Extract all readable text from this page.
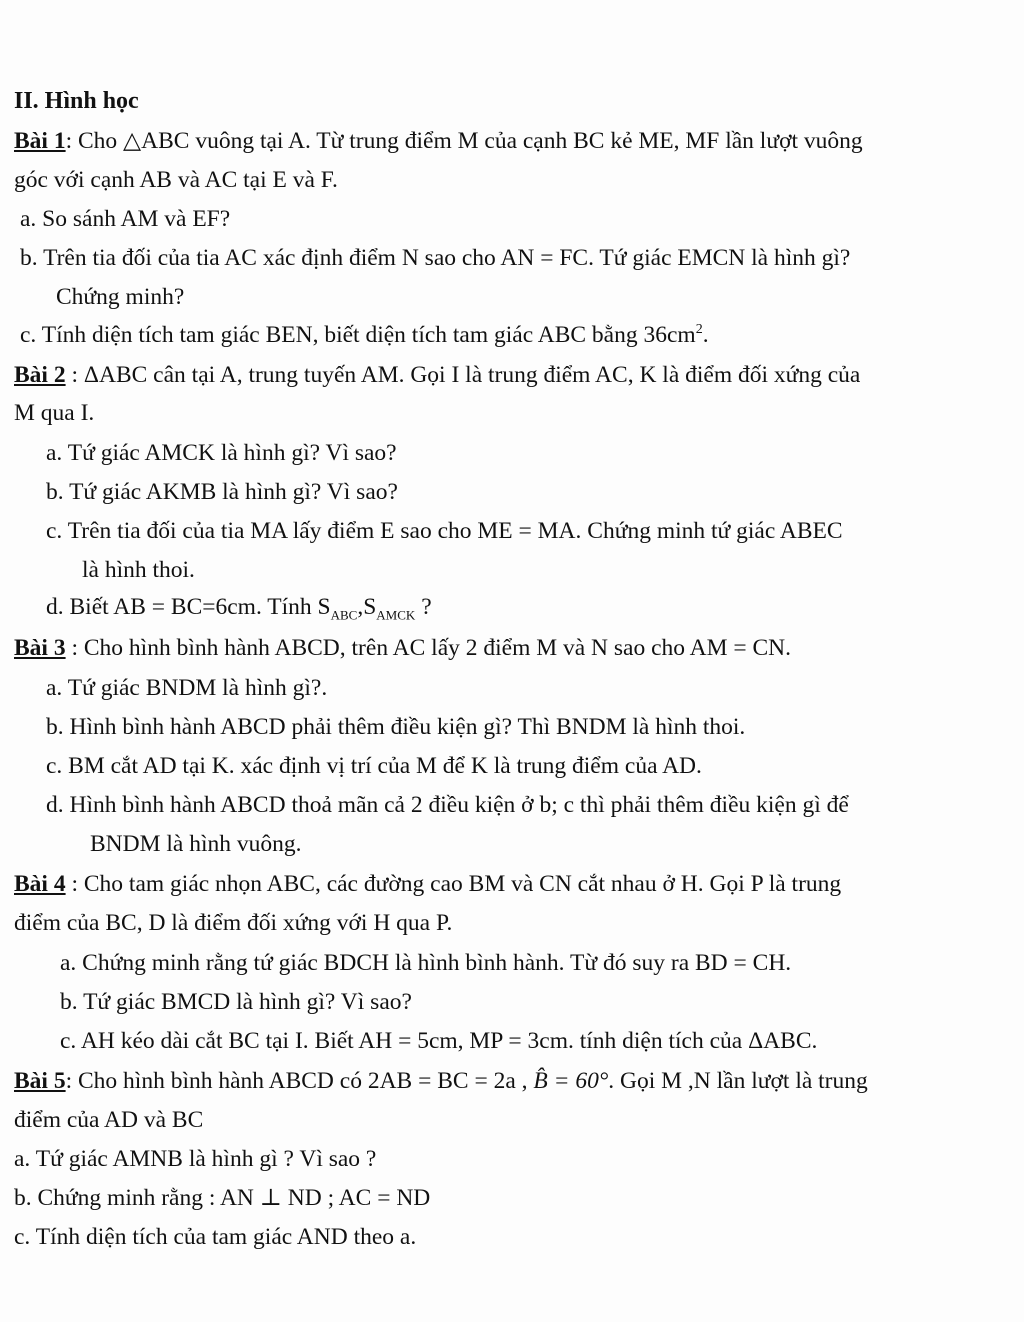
II. Hình học
Bài 1: Cho △ABC vuông tại A. Từ trung điểm M của cạnh BC kẻ ME, MF lần lượt vuông
góc với cạnh AB và AC tại E và F.
a. So sánh AM và EF?
b. Trên tia đối của tia AC xác định điểm N sao cho AN = FC. Tứ giác EMCN là hình gì?
Chứng minh?
c. Tính diện tích tam giác BEN, biết diện tích tam giác ABC bằng $36cm^2$.
Bài 2 : ΔABC cân tại A, trung tuyến AM. Gọi I là trung điểm AC, K là điểm đối xứng của
M qua I.
a. Tứ giác AMCK là hình gì? Vì sao?
b. Tứ giác AKMB là hình gì? Vì sao?
c. Trên tia đối của tia MA lấy điểm E sao cho ME = MA. Chứng minh tứ giác ABEC
là hình thoi.
d. Biết AB = BC=6cm. Tính $S_{ABC},S_{AMCK}$ ?
Bài 3 : Cho hình bình hành ABCD, trên AC lấy 2 điểm M và N sao cho AM = CN.
a. Tứ giác BNDM là hình gì?.
b. Hình bình hành ABCD phải thêm điều kiện gì? Thì BNDM là hình thoi.
c. BM cắt AD tại K. xác định vị trí của M để K là trung điểm của AD.
d. Hình bình hành ABCD thoả mãn cả 2 điều kiện ở b; c thì phải thêm điều kiện gì để
BNDM là hình vuông.
Bài 4 : Cho tam giác nhọn ABC, các đường cao BM và CN cắt nhau ở H. Gọi P là trung
điểm của BC, D là điểm đối xứng với H qua P.
a. Chứng minh rằng tứ giác BDCH là hình bình hành. Từ đó suy ra BD = CH.
b. Tứ giác BMCD là hình gì? Vì sao?
c. AH kéo dài cắt BC tại I. Biết AH = 5cm, MP = 3cm. tính diện tích của ΔABC.
Bài 5: Cho hình bình hành ABCD có 2AB = BC = 2a , B̂ = 60°. Gọi M ,N lần lượt là trung
điểm của AD và BC
a. Tứ giác AMNB là hình gì ? Vì sao ?
b. Chứng minh rằng : AN ⊥ ND ; AC = ND
c. Tính diện tích của tam giác AND theo a.
